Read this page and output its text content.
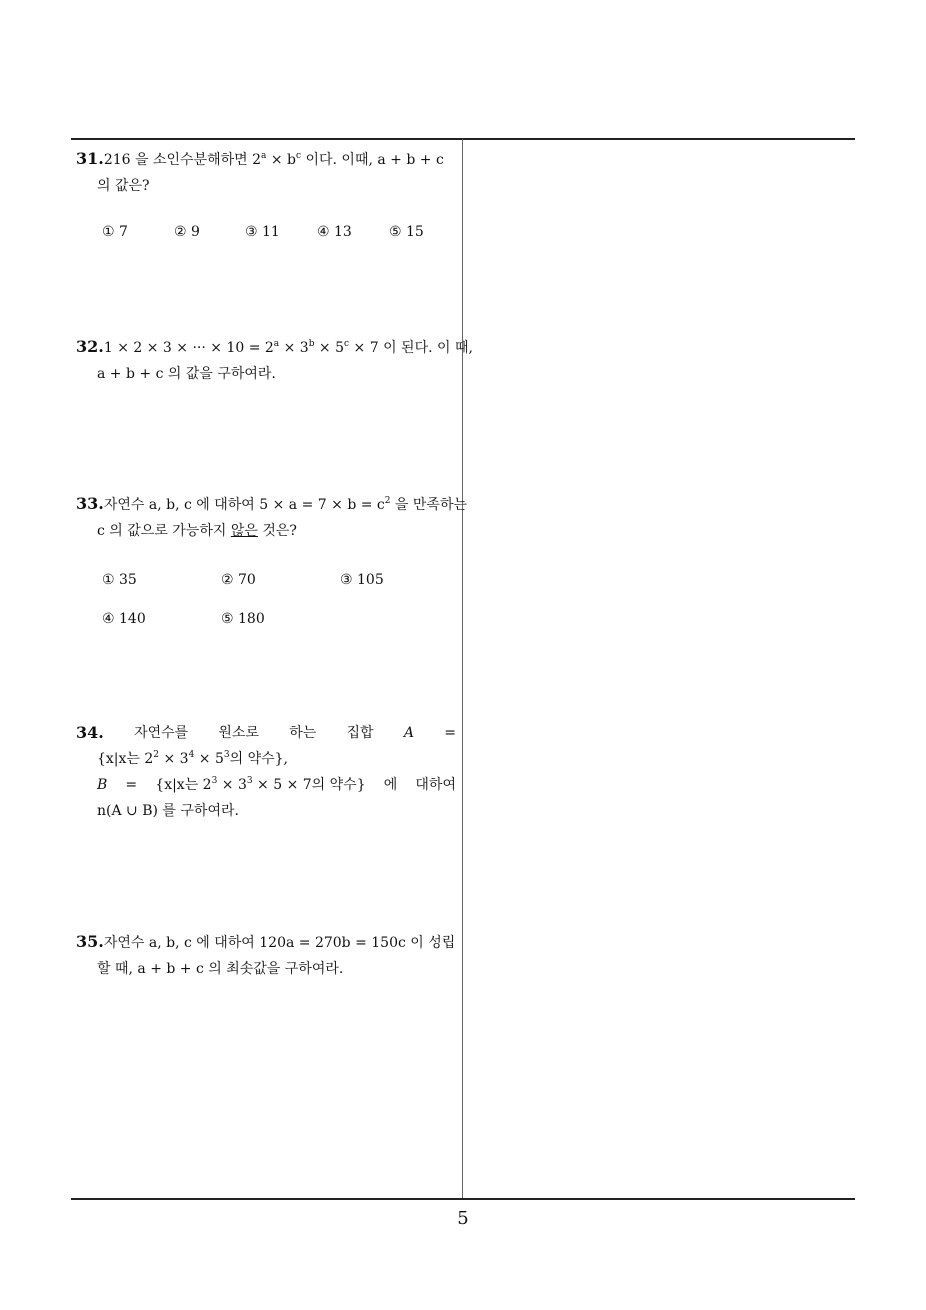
31.216 을 소인수분해하면 $2^a \times b^c$ 이다. 이때, a + b + c
의 값은?
① 7	② 9	③ 11	④ 13	⑤ 15
32.1 × 2 × 3 × ··· × $10 = 2^a \times 3^b \times 5^c \times 7$ 이 된다. 이 때,
a + b + c 의 값을 구하여라.
33.자연수 a, b, c 에 대하여 $5 \times a = 7 \times b = c^2$ 을 만족하는
c 의 값으로 가능하지 않은 것은?
① 35	② 70	③ 105
④ 140	⑤ 180
34. 자연수를 원소로 하는 집합 A =
{x|x는 $2^2 \times 3^4 \times 5^3$의 약수},
B = {x|x는 $2^3 \times 3^3 \times 5 \times 7$의 약수} 에 대하여
n(A ∪ B) 를 구하여라.
35.자연수 a, b, c 에 대하여 120a = 270b = 150c 이 성립
할 때, a + b + c 의 최솟값을 구하여라.
5
